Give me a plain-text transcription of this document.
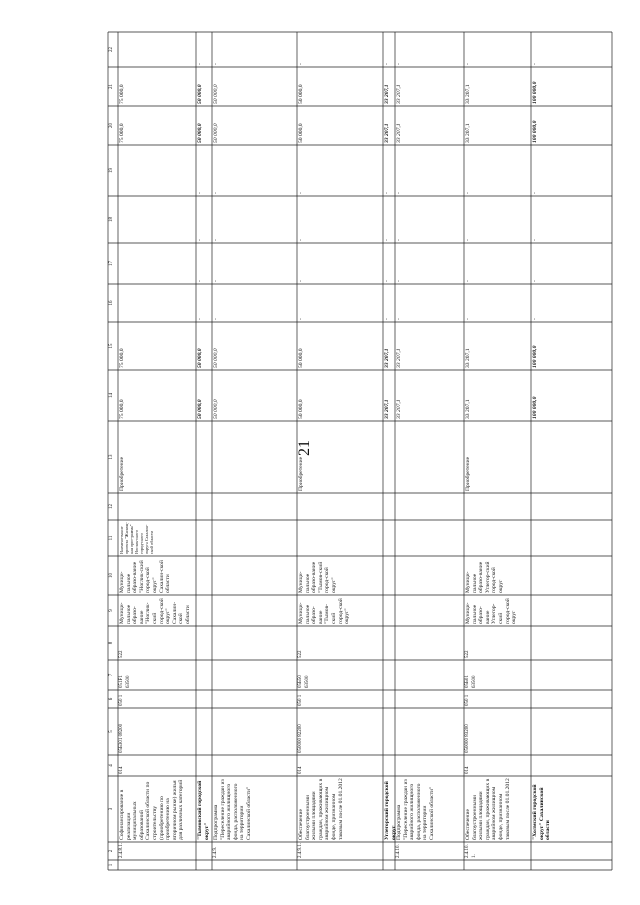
21
1
2
3
4
5
6
7
8
9
10
11
12
13
14
15
16
17
18
19
20
21
22
2.4.8.1.
Софинансирование в реализации муниципальных образований Сахалинской области по строительству (приобретению по приобретению на вторичном рынке) жилья для различных категорий
014
05Б301 08200
050 1
051F1 63500
522
Муници-пальное образо-вание "Ноглик-ский город-ской округ" Сахалин-ской области
Муници-пальное образо-вание "Ноглик-ский город-ской округ" Сахалин-ской области
Наимено-вание проекта "Жилищ-ная прог-рамма" Ноглик-ского город-ского округа Сахалин-ской области
Приобретение
75 000,0
75 000,0
75 000,0
75 000,0
"Тымовский городской округ"
50 000,0
50 000,0
-
-
-
-
50 000,0
50 000,0
-
2.4.9.
Подпрограмма "Переселение граждан из аварийного жилищного фонда, расположенного на территории Сахалинской области"
50 000,0
50 000,0
-
-
-
-
50 000,0
50 000,0
-
2.4.9.1.
Обеспечение благоустроенными жилыми площадями граждан, проживающих в аварийном жилищном фонде, признанном таковым после 01.01.2012
014
050000 82200
050 1
05Б50 63500
522
Муници-пальное образо-вание "Тымов-ский город-ской округ"
Муници-пальное образо-вание "Тымов-ский город-ской округ"
Приобретение
50 000,0
50 000,0
-
-
-
-
50 000,0
50 000,0
-
Углегорский городской округ
33 207,1
33 207,1
-
-
-
-
33 207,1
33 207,1
-
2.4.10.
Подпрограмма "Переселение граждан из аварийного жилищного фонда, расположенного на территории Сахалинской области"
33 207,1
33 207,1
-
-
-
-
33 207,1
33 207,1
-
2.4.10. 1.
Обеспечение благоустроенными жилыми площадями граждан, проживающих в аварийном жилищном фонде, признанном таковым после 01.01.2012
014
050000 83200
050 1
05Б01 63500
522
Муници-пальное образо-вание Углегор-ский город-ской округ
Муници-пальное образо-вание Углегор-ский город-ской округ
Приобретение
33 207,1
33 207,1
-
-
-
-
33 207,1
33 207,1
-
"Холмский городской округ" Сахалинской области
100 000,0
100 000,0
-
-
-
-
100 000,0
100 000,0
-
